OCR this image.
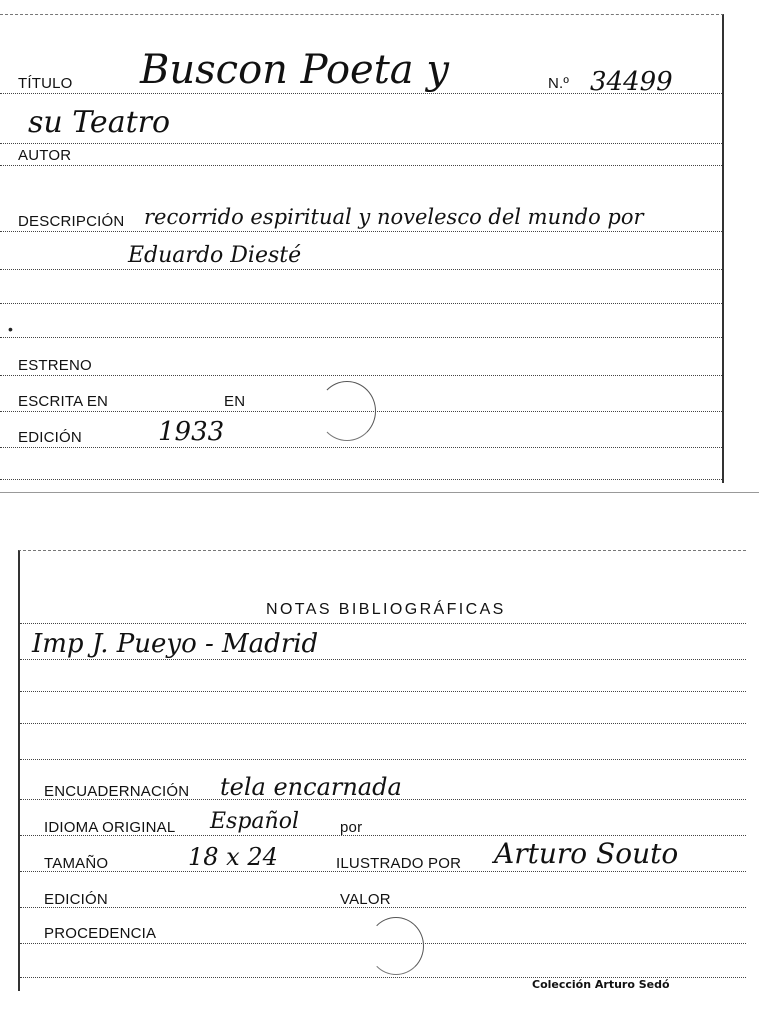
TÍTULO Buscon Poeta y	N.º 34499
su Teatro
AUTOR
DESCRIPCIÓN recorrido espiritual y novelesco del mundo por
Eduardo Diesté
•
ESTRENO
ESCRITA EN	EN
EDICIÓN	1933
NOTAS BIBLIOGRÁFICAS
Imp J. Pueyo - Madrid
ENCUADERNACIÓN tela encarnada
IDIOMA ORIGINAL Español	por
TAMAÑO	18 x 24	ILUSTRADO POR Arturo Souto
EDICIÓN	VALOR
PROCEDENCIA
Colección Arturo Sedó
